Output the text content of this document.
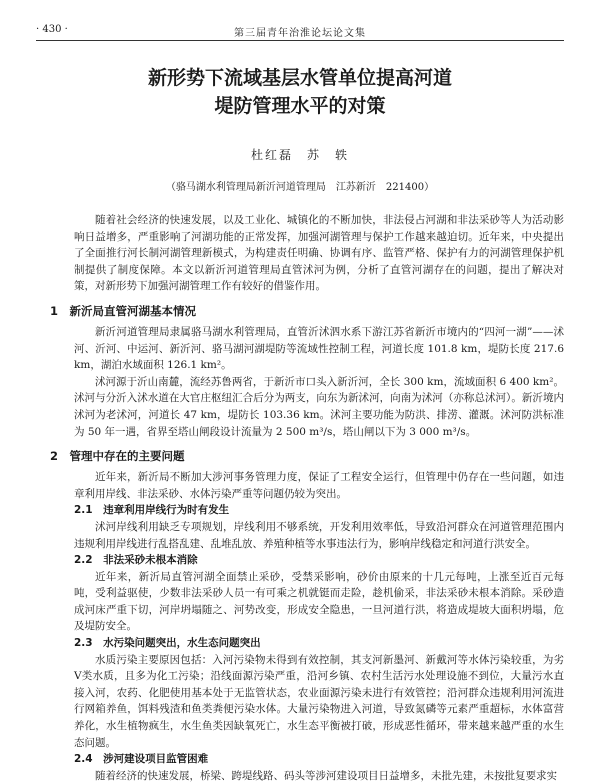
· 430 ·	第三届青年治淮论坛论文集
新形势下流域基层水管单位提高河道
堤防管理水平的对策
杜红磊　苏　轶
（骆马湖水利管理局新沂河道管理局　江苏新沂　221400）

随着社会经济的快速发展，以及工业化、城镇化的不断加快，非法侵占河湖和非法采砂等人为活动影响日益增多，严重影响了河湖功能的正常发挥，加强河湖管理与保护工作越来越迫切。近年来，中央提出了全面推行河长制河湖管理新模式，为构建责任明确、协调有序、监管严格、保护有力的河湖管理保护机制提供了制度保障。本文以新沂河道管理局直管沭河为例，分析了直管河湖存在的问题，提出了解决对策，对新形势下加强河湖管理工作有较好的借鉴作用。

1　新沂局直管河湖基本情况

新沂河道管理局隶属骆马湖水利管理局，直管沂沭泗水系下游江苏省新沂市境内的“四河一湖”——沭河、沂河、中运河、新沂河、骆马湖河湖堤防等流域性控制工程，河道长度 101.8 km，堤防长度 217.6 km，湖泊水域面积 126.1 km²。

沭河源于沂山南麓，流经苏鲁两省，于新沂市口头入新沂河，全长 300 km，流域面积 6 400 km²。沭河与分沂入沭水道在大官庄枢纽汇合后分为两支，向东为新沭河，向南为沭河（亦称总沭河）。新沂境内沭河为老沭河，河道长 47 km，堤防长 103.36 km。沭河主要功能为防洪、排涝、灌溉。沭河防洪标准为 50 年一遇，省界至塔山闸段设计流量为 2 500 m³/s，塔山闸以下为 3 000 m³/s。

2　管理中存在的主要问题

近年来，新沂局不断加大涉河事务管理力度，保证了工程安全运行，但管理中仍存在一些问题，如违章利用岸线、非法采砂、水体污染严重等问题仍较为突出。

2.1　违章利用岸线行为时有发生

沭河岸线利用缺乏专项规划，岸线利用不够系统，开发利用效率低，导致沿河群众在河道管理范围内违规利用岸线进行乱搭乱建、乱堆乱放、养殖种植等水事违法行为，影响岸线稳定和河道行洪安全。

2.2　非法采砂未根本消除

近年来，新沂局直管河湖全面禁止采砂，受禁采影响，砂价由原来的十几元每吨，上涨至近百元每吨，受利益驱使，少数非法采砂人员一有可乘之机就铤而走险，趁机偷采，非法采砂未根本消除。采砂造成河床严重下切，河岸坍塌随之、河势改变，形成安全隐患，一旦河道行洪，将造成堤坡大面积坍塌，危及堤防安全。

2.3　水污染问题突出，水生态问题突出

水质污染主要原因包括：入河污染物未得到有效控制，其支河新墨河、新戴河等水体污染较重，为劣Ⅴ类水质，且多为化工污染；沿线面源污染严重，沿河乡镇、农村生活污水处理设施不到位，大量污水直接入河，农药、化肥使用基本处于无监管状态，农业面源污染未进行有效管控；沿河群众违规利用河流进行网箱养鱼，饵料残渣和鱼类粪便污染水体。大量污染物进入河道，导致氮磷等元素严重超标，水体富营养化，水生植物疯生，水生鱼类因缺氧死亡，水生态平衡被打破，形成恶性循环，带来越来越严重的水生态问题。

2.4　涉河建设项目监管困难

随着经济的快速发展，桥梁、跨堤线路、码头等涉河建设项目日益增多，未批先建，未按批复要求实
